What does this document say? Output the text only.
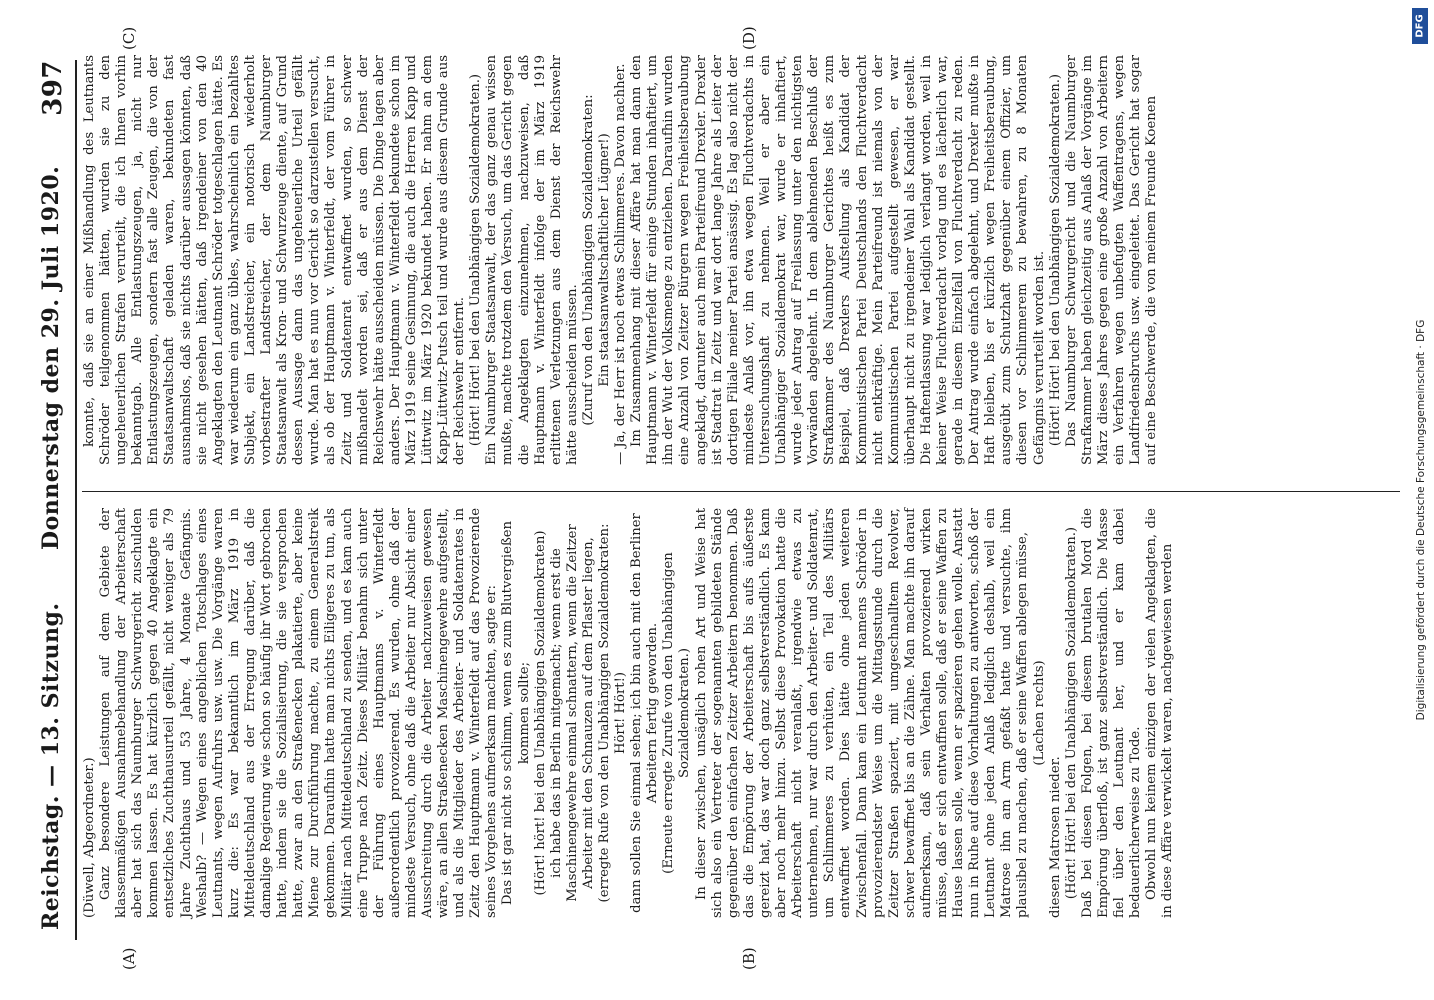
Reichstag. — 13. Sitzung.
Donnerstag den 29. Juli 1920.
397
(A)	(B)
(C)	(D)

(Düwell, Abgeordneter.) Ganz besondere Leistungen auf dem Gebiete der klassenmäßigen Ausnahmebehandlung der Arbeiterschaft aber hat sich das Naumburger Schwurgericht zuschulden kommen lassen. Es hat kürzlich gegen 40 Angeklagte ein entsetzliches Zuchthausurteil gefällt, nicht weniger als 79 Jahre Zuchthaus und 53 Jahre, 4 Monate Gefängnis. Weshalb? — Wegen eines angeblichen Totschlages eines Leutnants, wegen Aufruhrs usw. usw. Die Vorgänge waren kurz die: Es war bekanntlich im März 1919 in Mitteldeutschland aus der Erregung darüber, daß die damalige Regierung wie schon so häufig ihr Wort gebrochen hatte, indem sie die Sozialisierung, die sie versprochen hatte, zwar an den Straßenecken plakatierte, aber keine Miene zur Durchführung machte, zu einem Generalstreik gekommen. Daraufhin hatte man nichts Eiligeres zu tun, als Militär nach Mitteldeutschland zu senden, und es kam auch eine Truppe nach Zeitz. Dieses Militär benahm sich unter der Führung eines Hauptmanns v. Winterfeldt außerordentlich provozierend. Es wurden, ohne daß der mindeste Versuch, ohne daß die Arbeiter nur Absicht einer Ausschreitung durch die Arbeiter nachzuweisen gewesen wäre, an allen Straßenecken Maschinengewehre aufgestellt, und als die Mitglieder des Arbeiter- und Soldatenrates in Zeitz den Hauptmann v. Winterfeldt auf das Provozierende seines Vorgehens aufmerksam machten, sagte er: Das ist gar nicht so schlimm, wenn es zum Blutvergießen kommen sollte; (Hört! hört! bei den Unabhängigen Sozialdemokraten) ich habe das in Berlin mitgemacht; wenn erst die Maschinengewehre einmal schnattern, wenn die Zeitzer Arbeiter mit den Schnauzen auf dem Pflaster liegen, (erregte Rufe von den Unabhängigen Sozialdemokraten: Hört! Hört!) dann sollen Sie einmal sehen; ich bin auch mit den Berliner Arbeitern fertig geworden. (Erneute erregte Zurufe von den Unabhängigen Sozialdemokraten.) In dieser zwischen, unsäglich rohen Art und Weise hat sich also ein Vertreter der sogenannten gebildeten Stände gegenüber den einfachen Zeitzer Arbeitern benommen. Daß das die Empörung der Arbeiterschaft bis aufs äußerste gereizt hat, das war doch ganz selbstverständlich. Es kam aber noch mehr hinzu. Selbst diese Provokation hatte die Arbeiterschaft nicht veranlaßt, irgendwie etwas zu unternehmen, nur war durch den Arbeiter- und Soldatenrat, um Schlimmeres zu verhüten, ein Teil des Militärs entwaffnet worden. Dies hätte ohne jeden weiteren Zwischenfall. Dann kam ein Leutnant namens Schröder in provozierendster Weise um die Mittagsstunde durch die Zeitzer Straßen spaziert, mit umgeschnalltem Revolver, schwer bewaffnet bis an die Zähne. Man machte ihn darauf aufmerksam, daß sein Verhalten provozierend wirken müsse, daß er sich entwaffnen solle, daß er seine Waffen zu Hause lassen solle, wenn er spazieren gehen wolle. Anstatt nun in Ruhe auf diese Vorhaltungen zu antworten, schoß der Leutnant ohne jeden Anlaß lediglich deshalb, weil ein Matrose ihn am Arm gefaßt hatte und versuchte, ihm plausibel zu machen, daß er seine Waffen ablegen müsse, (Lachen rechts)

diesen Matrosen nieder. (Hört! Hört! bei den Unabhängigen Sozialdemokraten.) Daß bei diesen Folgen, bei diesem brutalen Mord die Empörung überfloß, ist ganz selbstverständlich. Die Masse fiel über den Leutnant her, und er kam dabei bedauerlicherweise zu Tode. Obwohl nun keinem einzigen der vielen Angeklagten, die in diese Affäre verwickelt waren, nachgewiesen werden

konnte, daß sie an einer Mißhandlung des Leutnants Schröder teilgenommen hätten, wurden sie zu den ungeheuerlichen Strafen verurteilt, die ich Ihnen vorhin bekanntgab. Alle Entlastungszeugen, ja, nicht nur Entlastungszeugen, sondern fast alle Zeugen, die von der Staatsanwaltschaft geladen waren, bekundeten fast ausnahmslos, daß sie nichts darüber aussagen könnten, daß sie nicht gesehen hätten, daß irgendeiner von den 40 Angeklagten den Leutnant Schröder totgeschlagen hätte. Es war wiederum ein ganz übles, wahrscheinlich ein bezahltes Subjekt, ein Landstreicher, ein notorisch wiederholt vorbestrafter Landstreicher, der dem Naumburger Staatsanwalt als Kron- und Schwurzeuge diente, auf Grund dessen Aussage dann das ungeheuerliche Urteil gefällt wurde. Man hat es nun vor Gericht so darzustellen versucht, als ob der Hauptmann v. Winterfeldt, der vom Führer in Zeitz und Soldatenrat entwaffnet wurden, so schwer mißhandelt worden sei, daß er aus dem Dienst der Reichswehr hätte ausscheiden müssen. Die Dinge lagen aber anders. Der Hauptmann v. Winterfeldt bekundete schon im März 1919 seine Gesinnung, die auch die Herren Kapp und Lüttwitz im März 1920 bekundet haben. Er nahm an dem Kapp-Lüttwitz-Putsch teil und wurde aus diesem Grunde aus der Reichswehr entfernt. (Hört! Hört! bei den Unabhängigen Sozialdemokraten.) Ein Naumburger Staatsanwalt, der das ganz genau wissen mußte, machte trotzdem den Versuch, um das Gericht gegen die Angeklagten einzunehmen, nachzuweisen, daß Hauptmann v. Winterfeldt infolge der im März 1919 erlittenen Verletzungen aus dem Dienst der Reichswehr hätte ausscheiden müssen. (Zuruf von den Unabhängigen Sozialdemokraten: Ein staatsanwaltschaftlicher Lügner!) — Ja, der Herr ist noch etwas Schlimmeres. Davon nachher. Im Zusammenhang mit dieser Affäre hat man dann den Hauptmann v. Winterfeldt für einige Stunden inhaftiert, um ihn der Wut der Volksmenge zu entziehen. Daraufhin wurden eine Anzahl von Zeitzer Bürgern wegen Freiheitsberaubung angeklagt, darunter auch mein Parteifreund Drexler. Drexler ist Stadtrat in Zeitz und war dort lange Jahre als Leiter der dortigen Filiale meiner Partei ansässig. Es lag also nicht der mindeste Anlaß vor, ihn etwa wegen Fluchtverdachts in Untersuchungshaft zu nehmen. Weil er aber ein Unabhängiger Sozialdemokrat war, wurde er inhaftiert, wurde jeder Antrag auf Freilassung unter den nichtigsten Vorwänden abgelehnt. In dem ablehnenden Beschluß der Strafkammer des Naumburger Gerichtes heißt es zum Beispiel, daß Drexlers Aufstellung als Kandidat der Kommunistischen Partei Deutschlands den Fluchtverdacht nicht entkräftige. Mein Parteifreund ist niemals von der Kommunistischen Partei aufgestellt gewesen, er war überhaupt nicht zu irgendeiner Wahl als Kandidat gestellt. Die Haftentlassung war lediglich verlangt worden, weil in keiner Weise Fluchtverdacht vorlag und es lächerlich war, gerade in diesem Einzelfall von Fluchtverdacht zu reden. Der Antrag wurde einfach abgelehnt, und Drexler mußte in Haft bleiben, bis er kürzlich wegen Freiheitsberaubung, ausgeübt zum Schutzhaft gegenüber einem Offizier, um diesen vor Schlimmerem zu bewahren, zu 8 Monaten Gefängnis verurteilt worden ist. (Hört! Hört! bei den Unabhängigen Sozialdemokraten.) Das Naumburger Schwurgericht und die Naumburger Strafkammer haben gleichzeitig aus Anlaß der Vorgänge im März dieses Jahres gegen eine große Anzahl von Arbeitern ein Verfahren wegen unbefugten Waffentragens, wegen Landfriedensbruchs usw. eingeleitet. Das Gericht hat sogar auf eine Beschwerde, die von meinem Freunde Koenen

DFG
Digitalisierung gefördert durch die Deutsche Forschungsgemeinschaft · DFG
